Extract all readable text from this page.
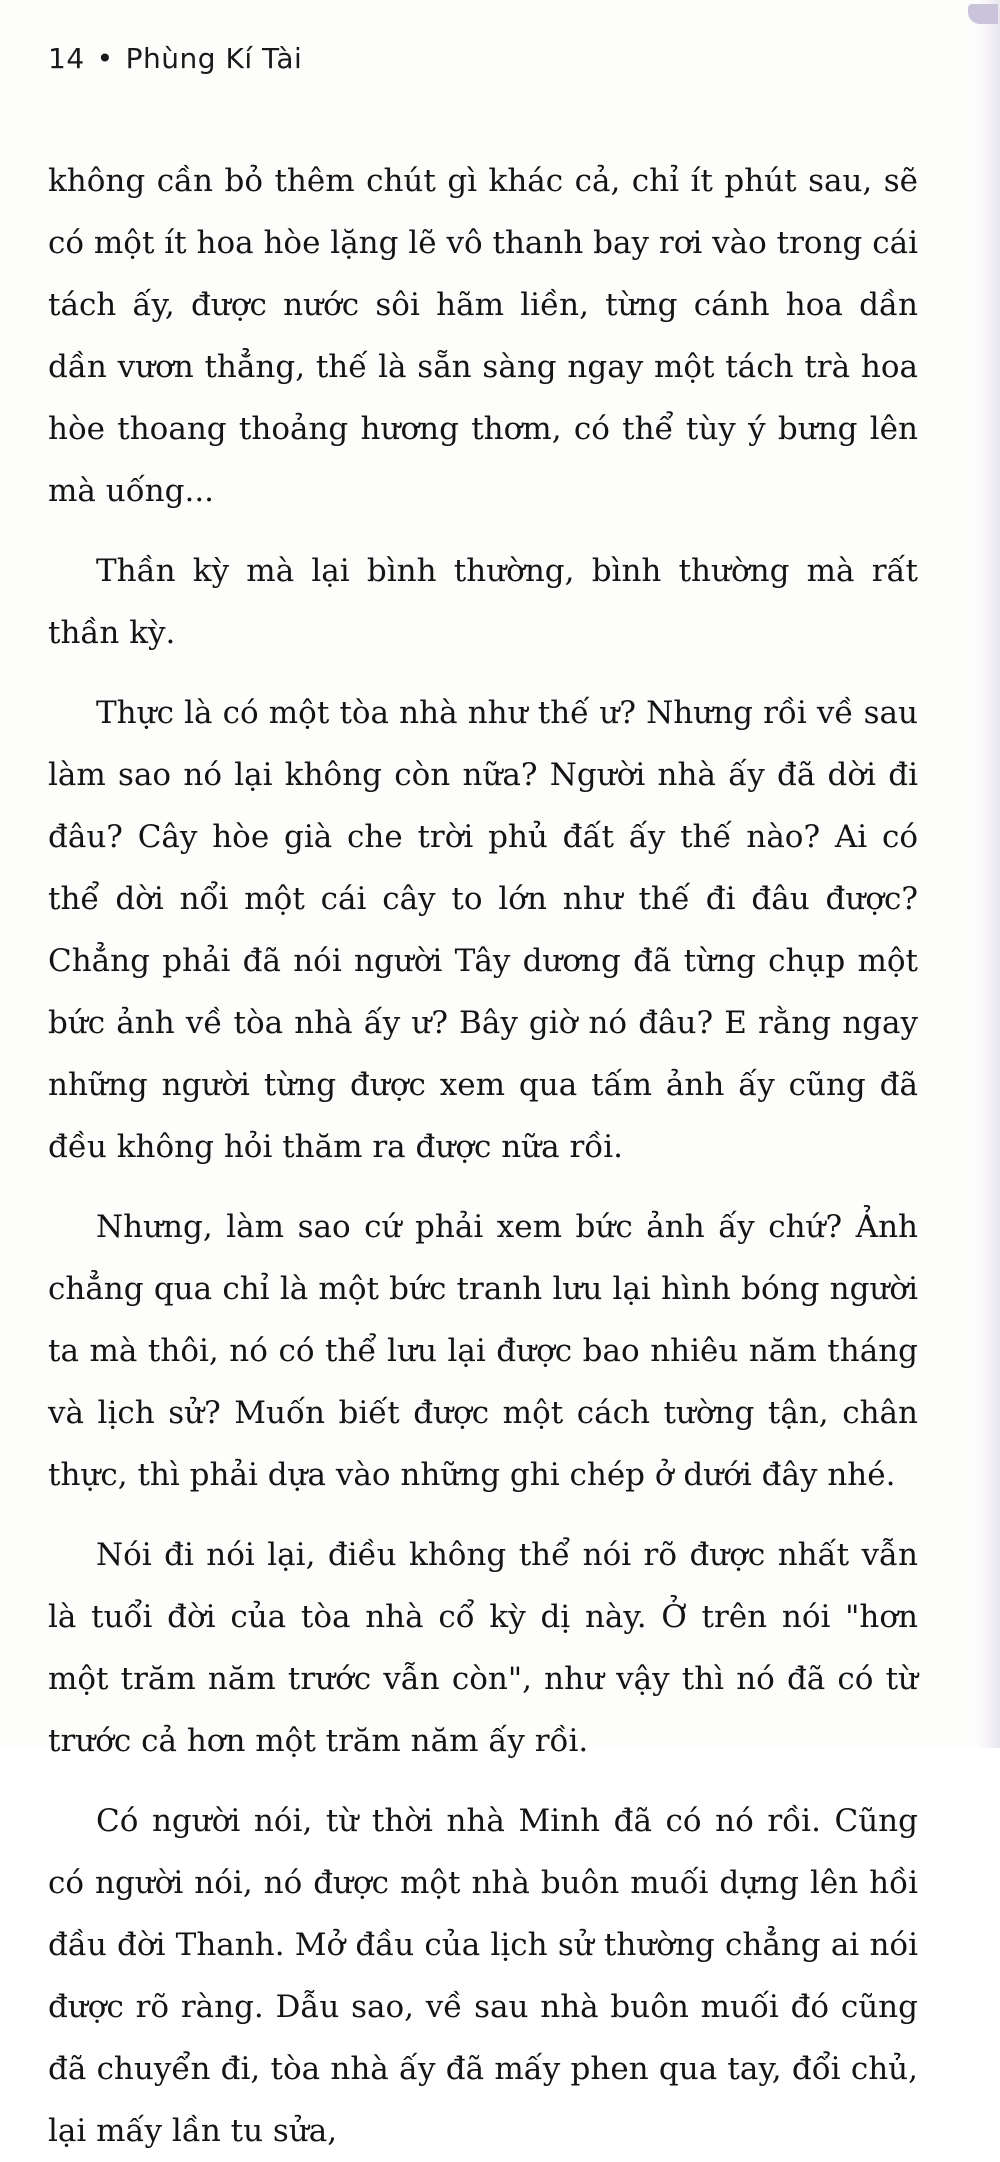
14 • Phùng Kí Tài

không cần bỏ thêm chút gì khác cả, chỉ ít phút sau, sẽ có một ít hoa hòe lặng lẽ vô thanh bay rơi vào trong cái tách ấy, được nước sôi hãm liền, từng cánh hoa dần dần vươn thẳng, thế là sẵn sàng ngay một tách trà hoa hòe thoang thoảng hương thơm, có thể tùy ý bưng lên mà uống...

Thần kỳ mà lại bình thường, bình thường mà rất thần kỳ.

Thực là có một tòa nhà như thế ư? Nhưng rồi về sau làm sao nó lại không còn nữa? Người nhà ấy đã dời đi đâu? Cây hòe già che trời phủ đất ấy thế nào? Ai có thể dời nổi một cái cây to lớn như thế đi đâu được? Chẳng phải đã nói người Tây dương đã từng chụp một bức ảnh về tòa nhà ấy ư? Bây giờ nó đâu? E rằng ngay những người từng được xem qua tấm ảnh ấy cũng đã đều không hỏi thăm ra được nữa rồi.

Nhưng, làm sao cứ phải xem bức ảnh ấy chứ? Ảnh chẳng qua chỉ là một bức tranh lưu lại hình bóng người ta mà thôi, nó có thể lưu lại được bao nhiêu năm tháng và lịch sử? Muốn biết được một cách tường tận, chân thực, thì phải dựa vào những ghi chép ở dưới đây nhé.

Nói đi nói lại, điều không thể nói rõ được nhất vẫn là tuổi đời của tòa nhà cổ kỳ dị này. Ở trên nói "hơn một trăm năm trước vẫn còn", như vậy thì nó đã có từ trước cả hơn một trăm năm ấy rồi.

Có người nói, từ thời nhà Minh đã có nó rồi. Cũng có người nói, nó được một nhà buôn muối dựng lên hồi đầu đời Thanh. Mở đầu của lịch sử thường chẳng ai nói được rõ ràng. Dẫu sao, về sau nhà buôn muối đó cũng đã chuyển đi, tòa nhà ấy đã mấy phen qua tay, đổi chủ, lại mấy lần tu sửa,
